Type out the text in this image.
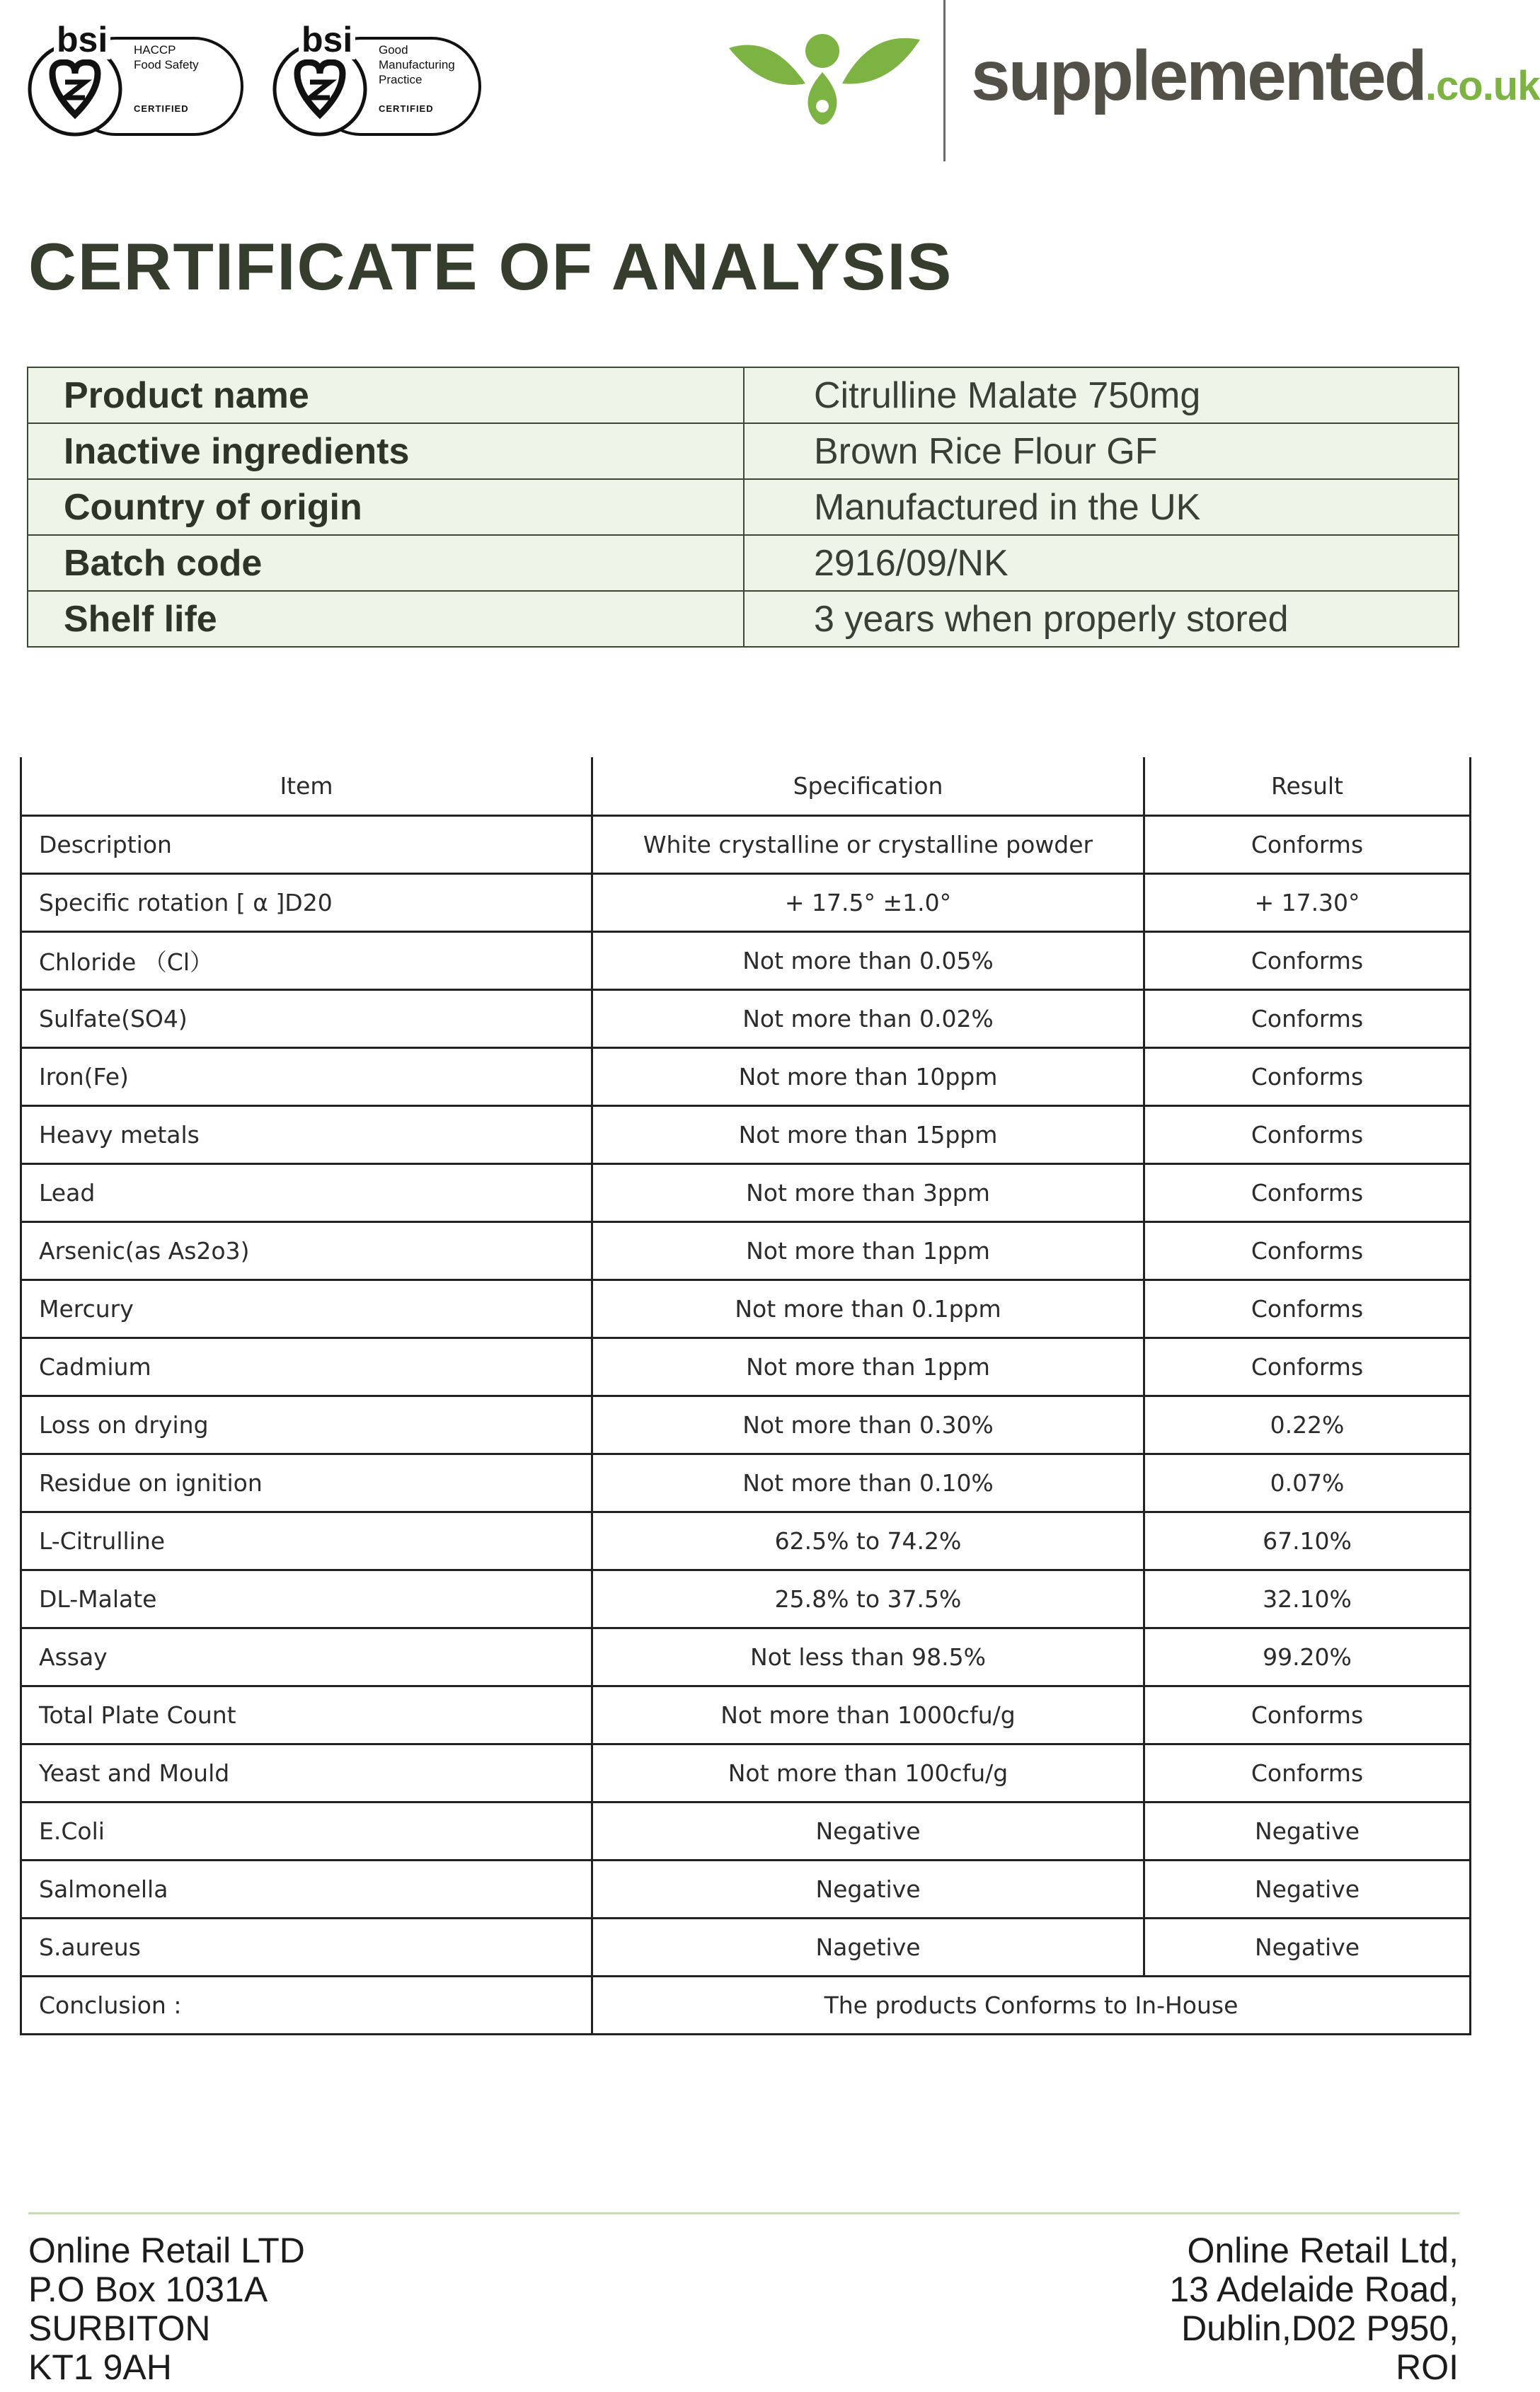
bsi HACCP
Food Safety
CERTIFIED
bsi Good
Manufacturing
Practice
CERTIFIED	supplemented.co.uk
CERTIFICATE OF ANALYSIS
Product name	Citrulline Malate 750mg
Inactive ingredients	Brown Rice Flour GF
Country of origin	Manufactured in the UK
Batch code	2916/09/NK
Shelf life	3 years when properly stored
Item	Specification	Result
Description	White crystalline or crystalline powder	Conforms
Specific rotation [ α ]D20	+ 17.5° ±1.0°	+ 17.30°
Chloride （Cl）	Not more than 0.05%	Conforms
Sulfate(SO4)	Not more than 0.02%	Conforms
Iron(Fe)	Not more than 10ppm	Conforms
Heavy metals	Not more than 15ppm	Conforms
Lead	Not more than 3ppm	Conforms
Arsenic(as As2o3)	Not more than 1ppm	Conforms
Mercury	Not more than 0.1ppm	Conforms
Cadmium	Not more than 1ppm	Conforms
Loss on drying	Not more than 0.30%	0.22%
Residue on ignition	Not more than 0.10%	0.07%
L-Citrulline	62.5% to 74.2%	67.10%
DL-Malate	25.8% to 37.5%	32.10%
Assay	Not less than 98.5%	99.20%
Total Plate Count	Not more than 1000cfu/g	Conforms
Yeast and Mould	Not more than 100cfu/g	Conforms
E.Coli	Negative	Negative
Salmonella	Negative	Negative
S.aureus	Nagetive	Negative
Conclusion :	The products Conforms to In-House	
Online Retail LTD
P.O Box 1031A
SURBITON
KT1 9AH
Online Retail Ltd,
13 Adelaide Road,
Dublin,D02 P950,
ROI
